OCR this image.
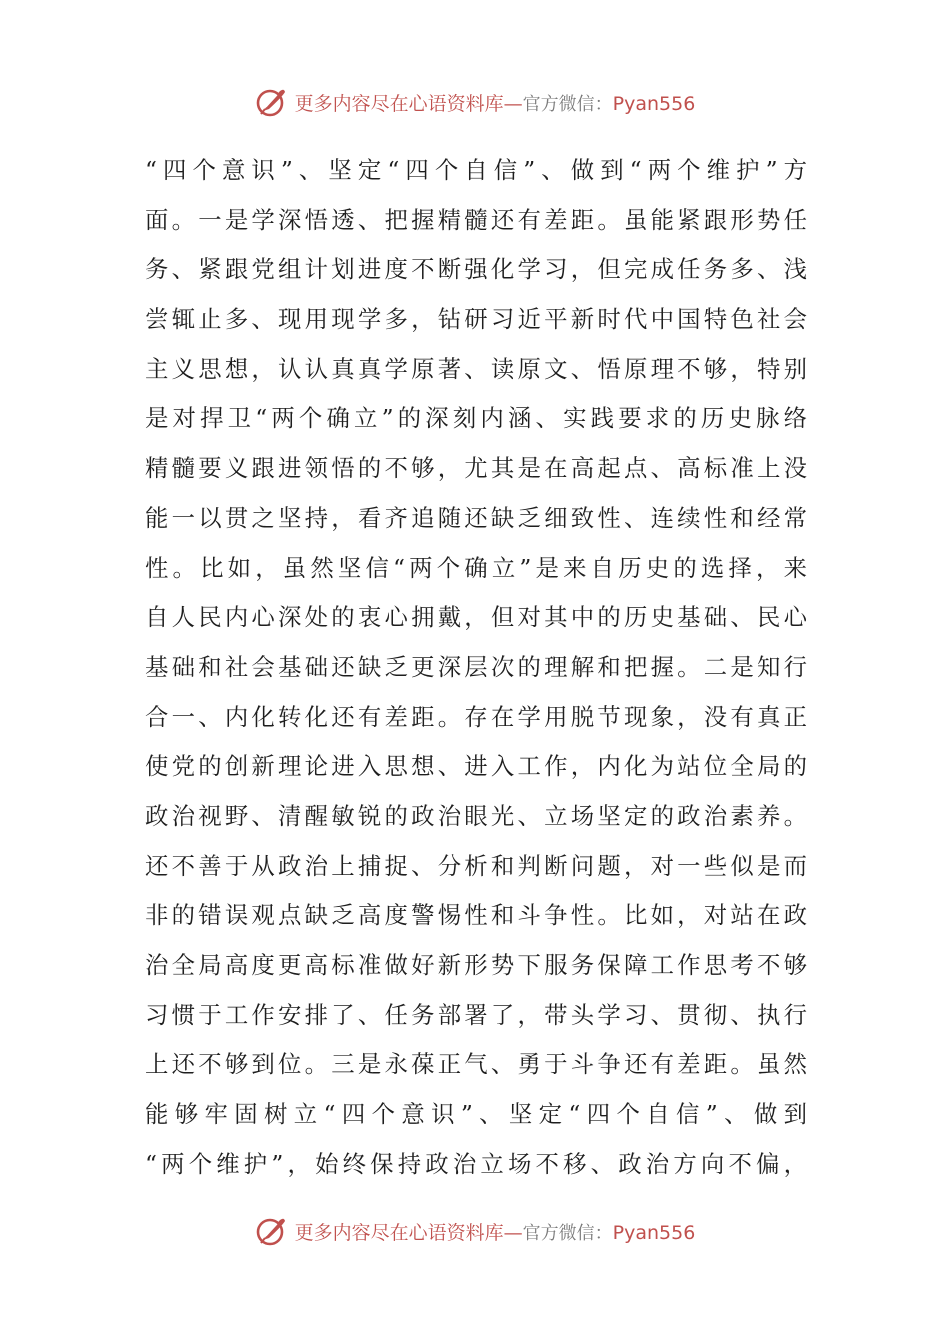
更多内容尽在心语资料库—官方微信：Pyan556
“四个意识”、坚定“四个自信”、做到“两个维护”方
面。一是学深悟透、把握精髓还有差距。虽能紧跟形势任
务、紧跟党组计划进度不断强化学习，但完成任务多、浅
尝辄止多、现用现学多，钻研习近平新时代中国特色社会
主义思想，认认真真学原著、读原文、悟原理不够，特别
是对捍卫“两个确立”的深刻内涵、实践要求的历史脉络
精髓要义跟进领悟的不够，尤其是在高起点、高标准上没
能一以贯之坚持，看齐追随还缺乏细致性、连续性和经常
性。比如，虽然坚信“两个确立”是来自历史的选择，来
自人民内心深处的衷心拥戴，但对其中的历史基础、民心
基础和社会基础还缺乏更深层次的理解和把握。二是知行
合一、内化转化还有差距。存在学用脱节现象，没有真正
使党的创新理论进入思想、进入工作，内化为站位全局的
政治视野、清醒敏锐的政治眼光、立场坚定的政治素养。
还不善于从政治上捕捉、分析和判断问题，对一些似是而
非的错误观点缺乏高度警惕性和斗争性。比如，对站在政
治全局高度更高标准做好新形势下服务保障工作思考不够
习惯于工作安排了、任务部署了，带头学习、贯彻、执行
上还不够到位。三是永葆正气、勇于斗争还有差距。虽然
能够牢固树立“四个意识”、坚定“四个自信”、做到
“两个维护”，始终保持政治立场不移、政治方向不偏，
更多内容尽在心语资料库—官方微信：Pyan556
